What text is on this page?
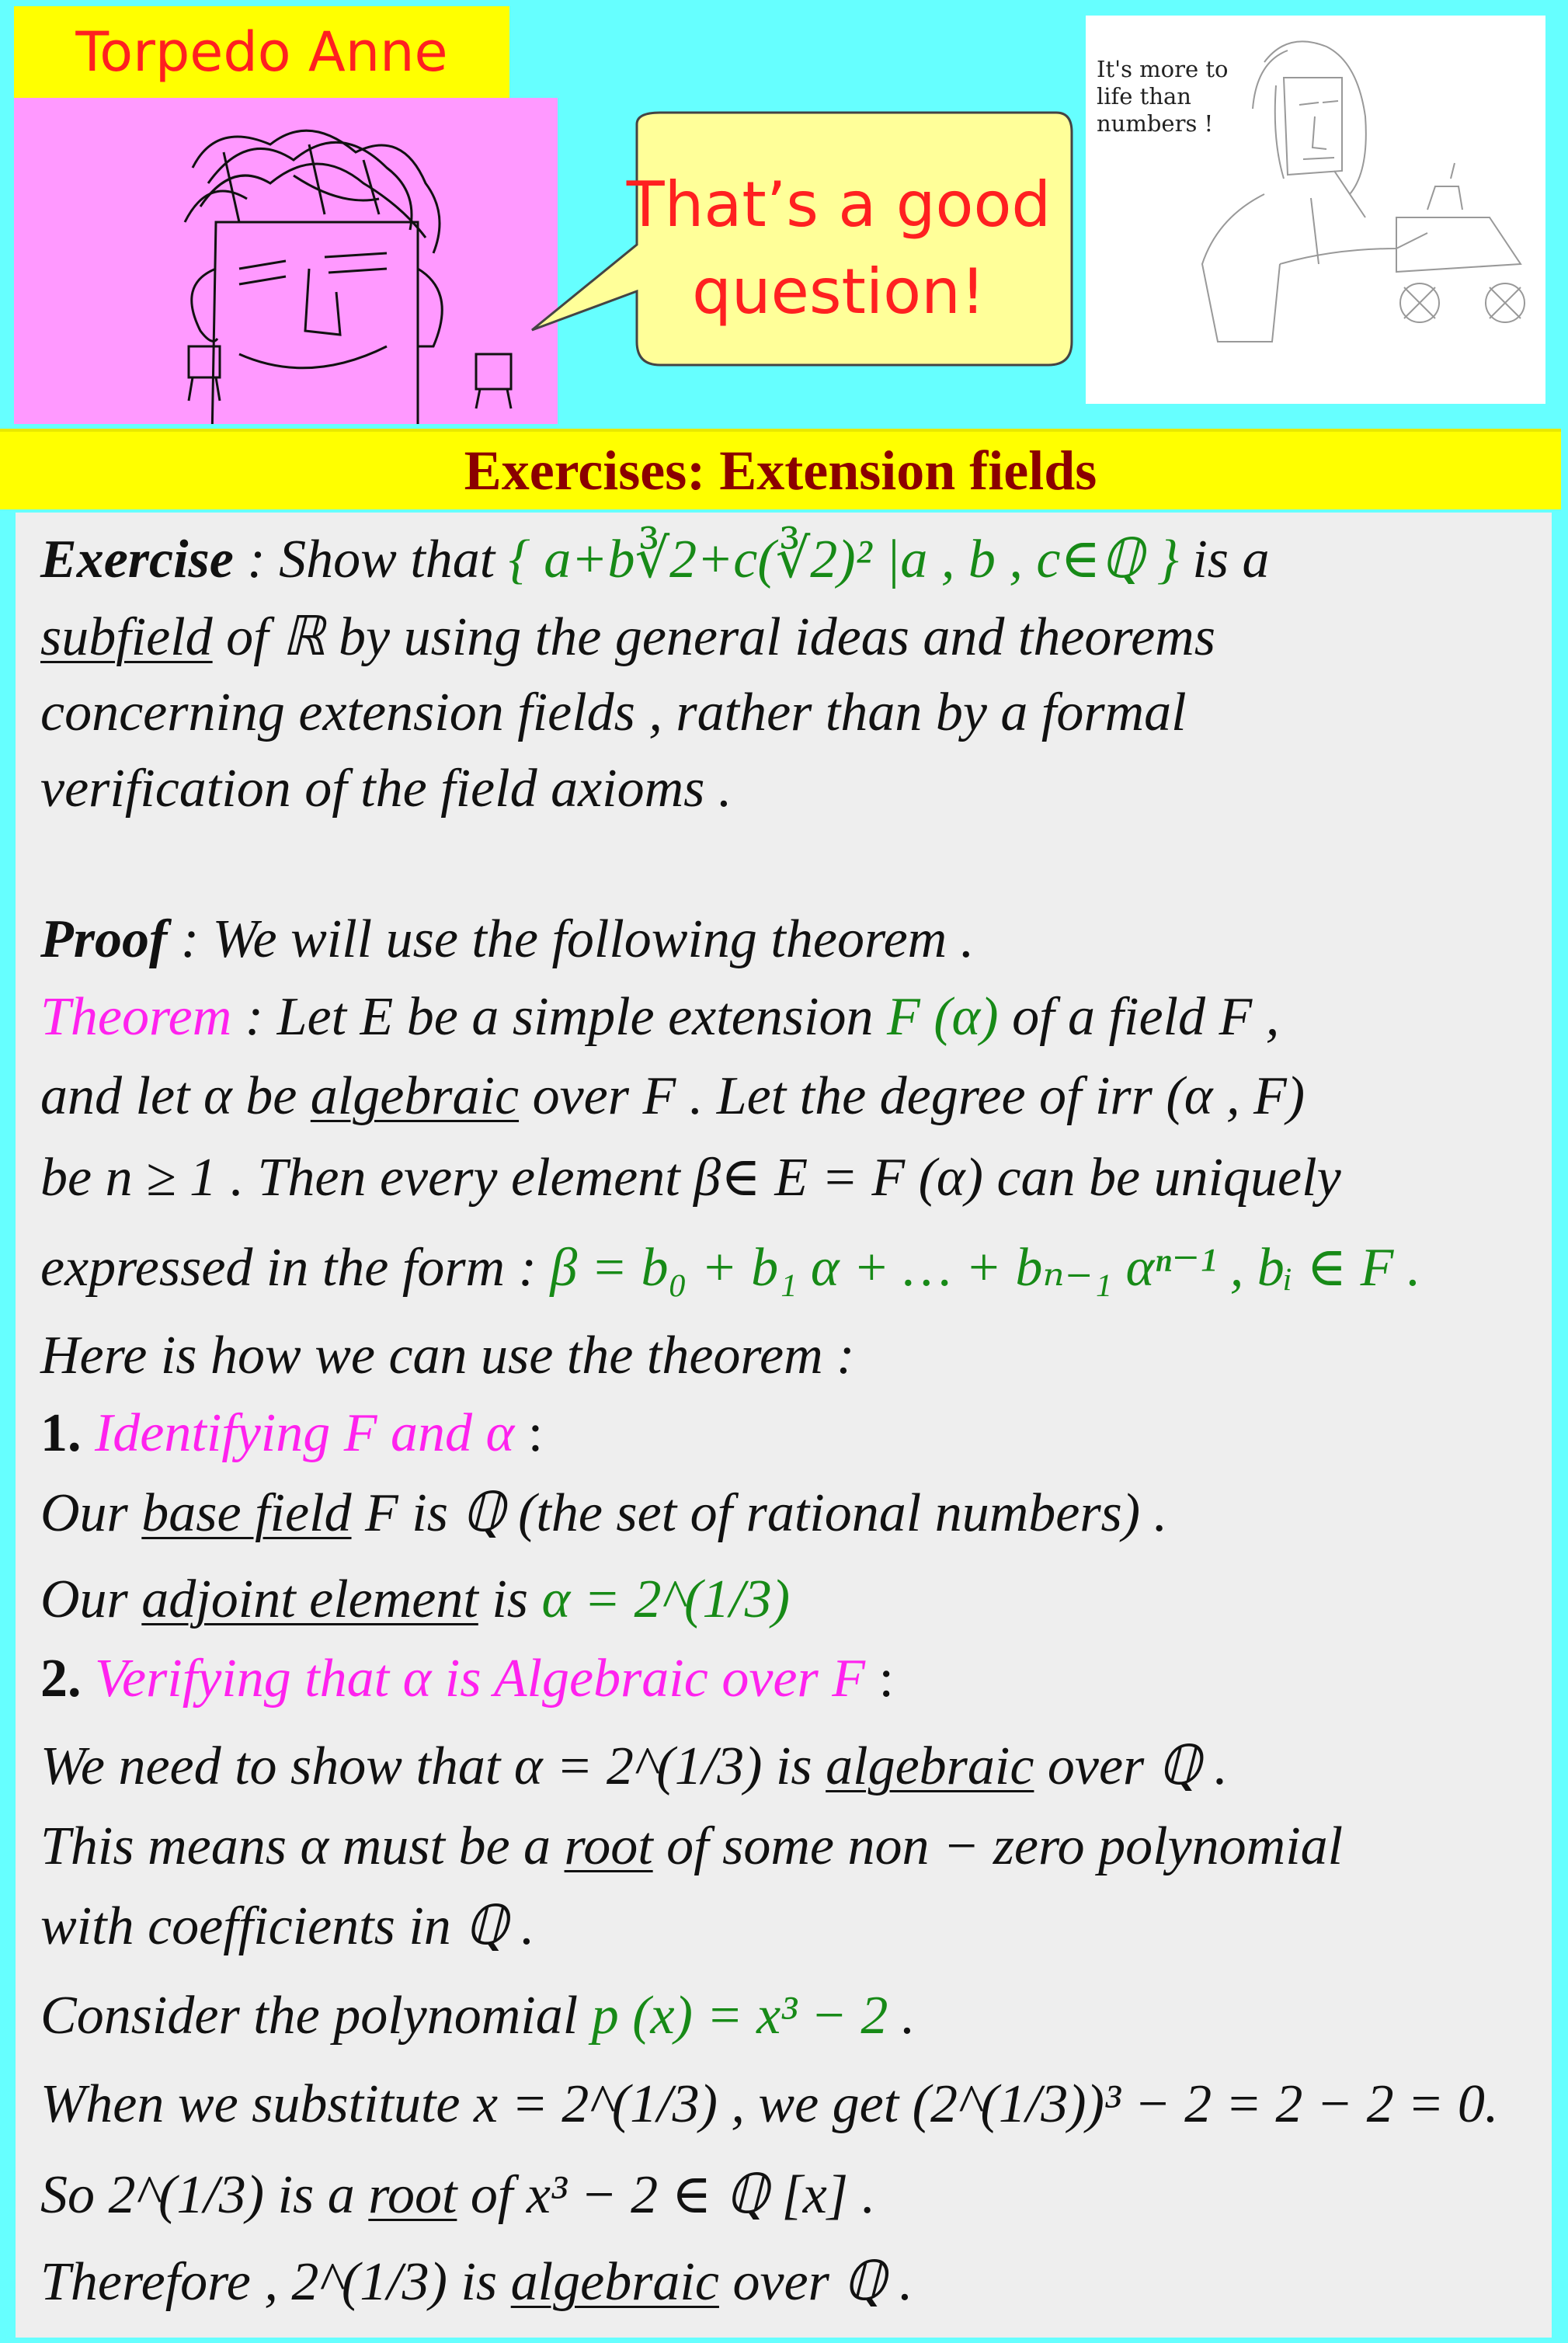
Torpedo Anne
That’s a good
question!
It's more to
life than
numbers !
Exercises: Extension fields
Exercise : Show that { a+b∛2+c(∛2)² |a , b , c∈ℚ } is a
subfield of ℝ by using the general ideas and theorems
concerning extension fields , rather than by a formal
verification of the field axioms .
Proof : We will use the following theorem .
Theorem : Let E be a simple extension F (α) of a field F ,
and let α be algebraic over F . Let the degree of irr (α , F)
be n ≥ 1 . Then every element β∈ E = F (α) can be uniquely
expressed in the form : β = b₀ + b₁ α + … + bₙ₋₁ αⁿ⁻¹ , bᵢ ∈ F .
Here is how we can use the theorem :
1. Identifying F and α :
Our base field F is ℚ (the set of rational numbers) .
Our adjoint element is α = 2^(1/3)
2. Verifying that α is Algebraic over F :
We need to show that α = 2^(1/3) is algebraic over ℚ .
This means α must be a root of some non − zero polynomial
with coefficients in ℚ .
Consider the polynomial p (x) = x³ − 2 .
When we substitute x = 2^(1/3) , we get (2^(1/3))³ − 2 = 2 − 2 = 0.
So 2^(1/3) is a root of x³ − 2 ∈ ℚ [x] .
Therefore , 2^(1/3) is algebraic over ℚ .
